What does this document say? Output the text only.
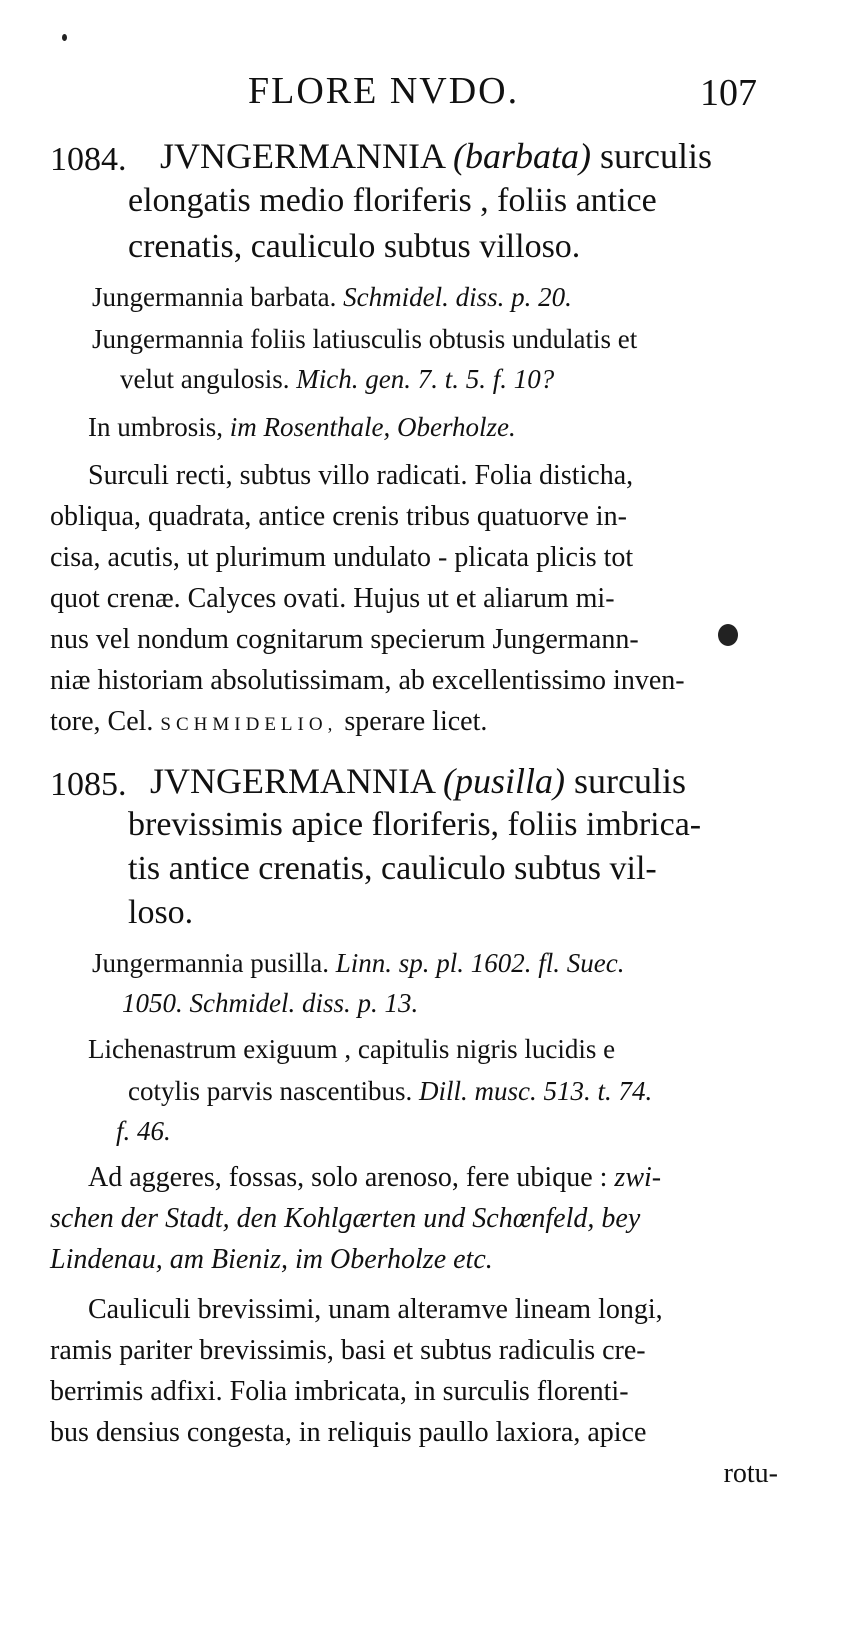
FLORE NVDO.	107
1084. JVNGERMANNIA (barbata) surculis
elongatis medio floriferis , foliis antice
crenatis, cauliculo subtus villoso.
Jungermannia barbata. Schmidel. diss. p. 20.
Jungermannia foliis latiusculis obtusis undulatis et
velut angulosis. Mich. gen. 7. t. 5. f. 10?
In umbrosis, im Rosenthale, Oberholze.
Surculi recti, subtus villo radicati. Folia disticha,
obliqua, quadrata, antice crenis tribus quatuorve in-
cisa, acutis, ut plurimum undulato - plicata plicis tot
quot crenæ. Calyces ovati. Hujus ut et aliarum mi-
nus vel nondum cognitarum specierum Jungermann-
niæ historiam absolutissimam, ab excellentissimo inven-
tore, Cel. SCHMIDELIO, sperare licet.
1085. JVNGERMANNIA (pusilla) surculis
brevissimis apice floriferis, foliis imbrica-
tis antice crenatis, cauliculo subtus vil-
loso.
Jungermannia pusilla. Linn. sp. pl. 1602. fl. Suec.
1050. Schmidel. diss. p. 13.
Lichenastrum exiguum , capitulis nigris lucidis e
cotylis parvis nascentibus. Dill. musc. 513. t. 74.
f. 46.
Ad aggeres, fossas, solo arenoso, fere ubique : zwi-
schen der Stadt, den Kohlgærten und Schœnfeld, bey
Lindenau, am Bieniz, im Oberholze etc.
Cauliculi brevissimi, unam alteramve lineam longi,
ramis pariter brevissimis, basi et subtus radiculis cre-
berrimis adfixi. Folia imbricata, in surculis florenti-
bus densius congesta, in reliquis paullo laxiora, apice
rotu-
